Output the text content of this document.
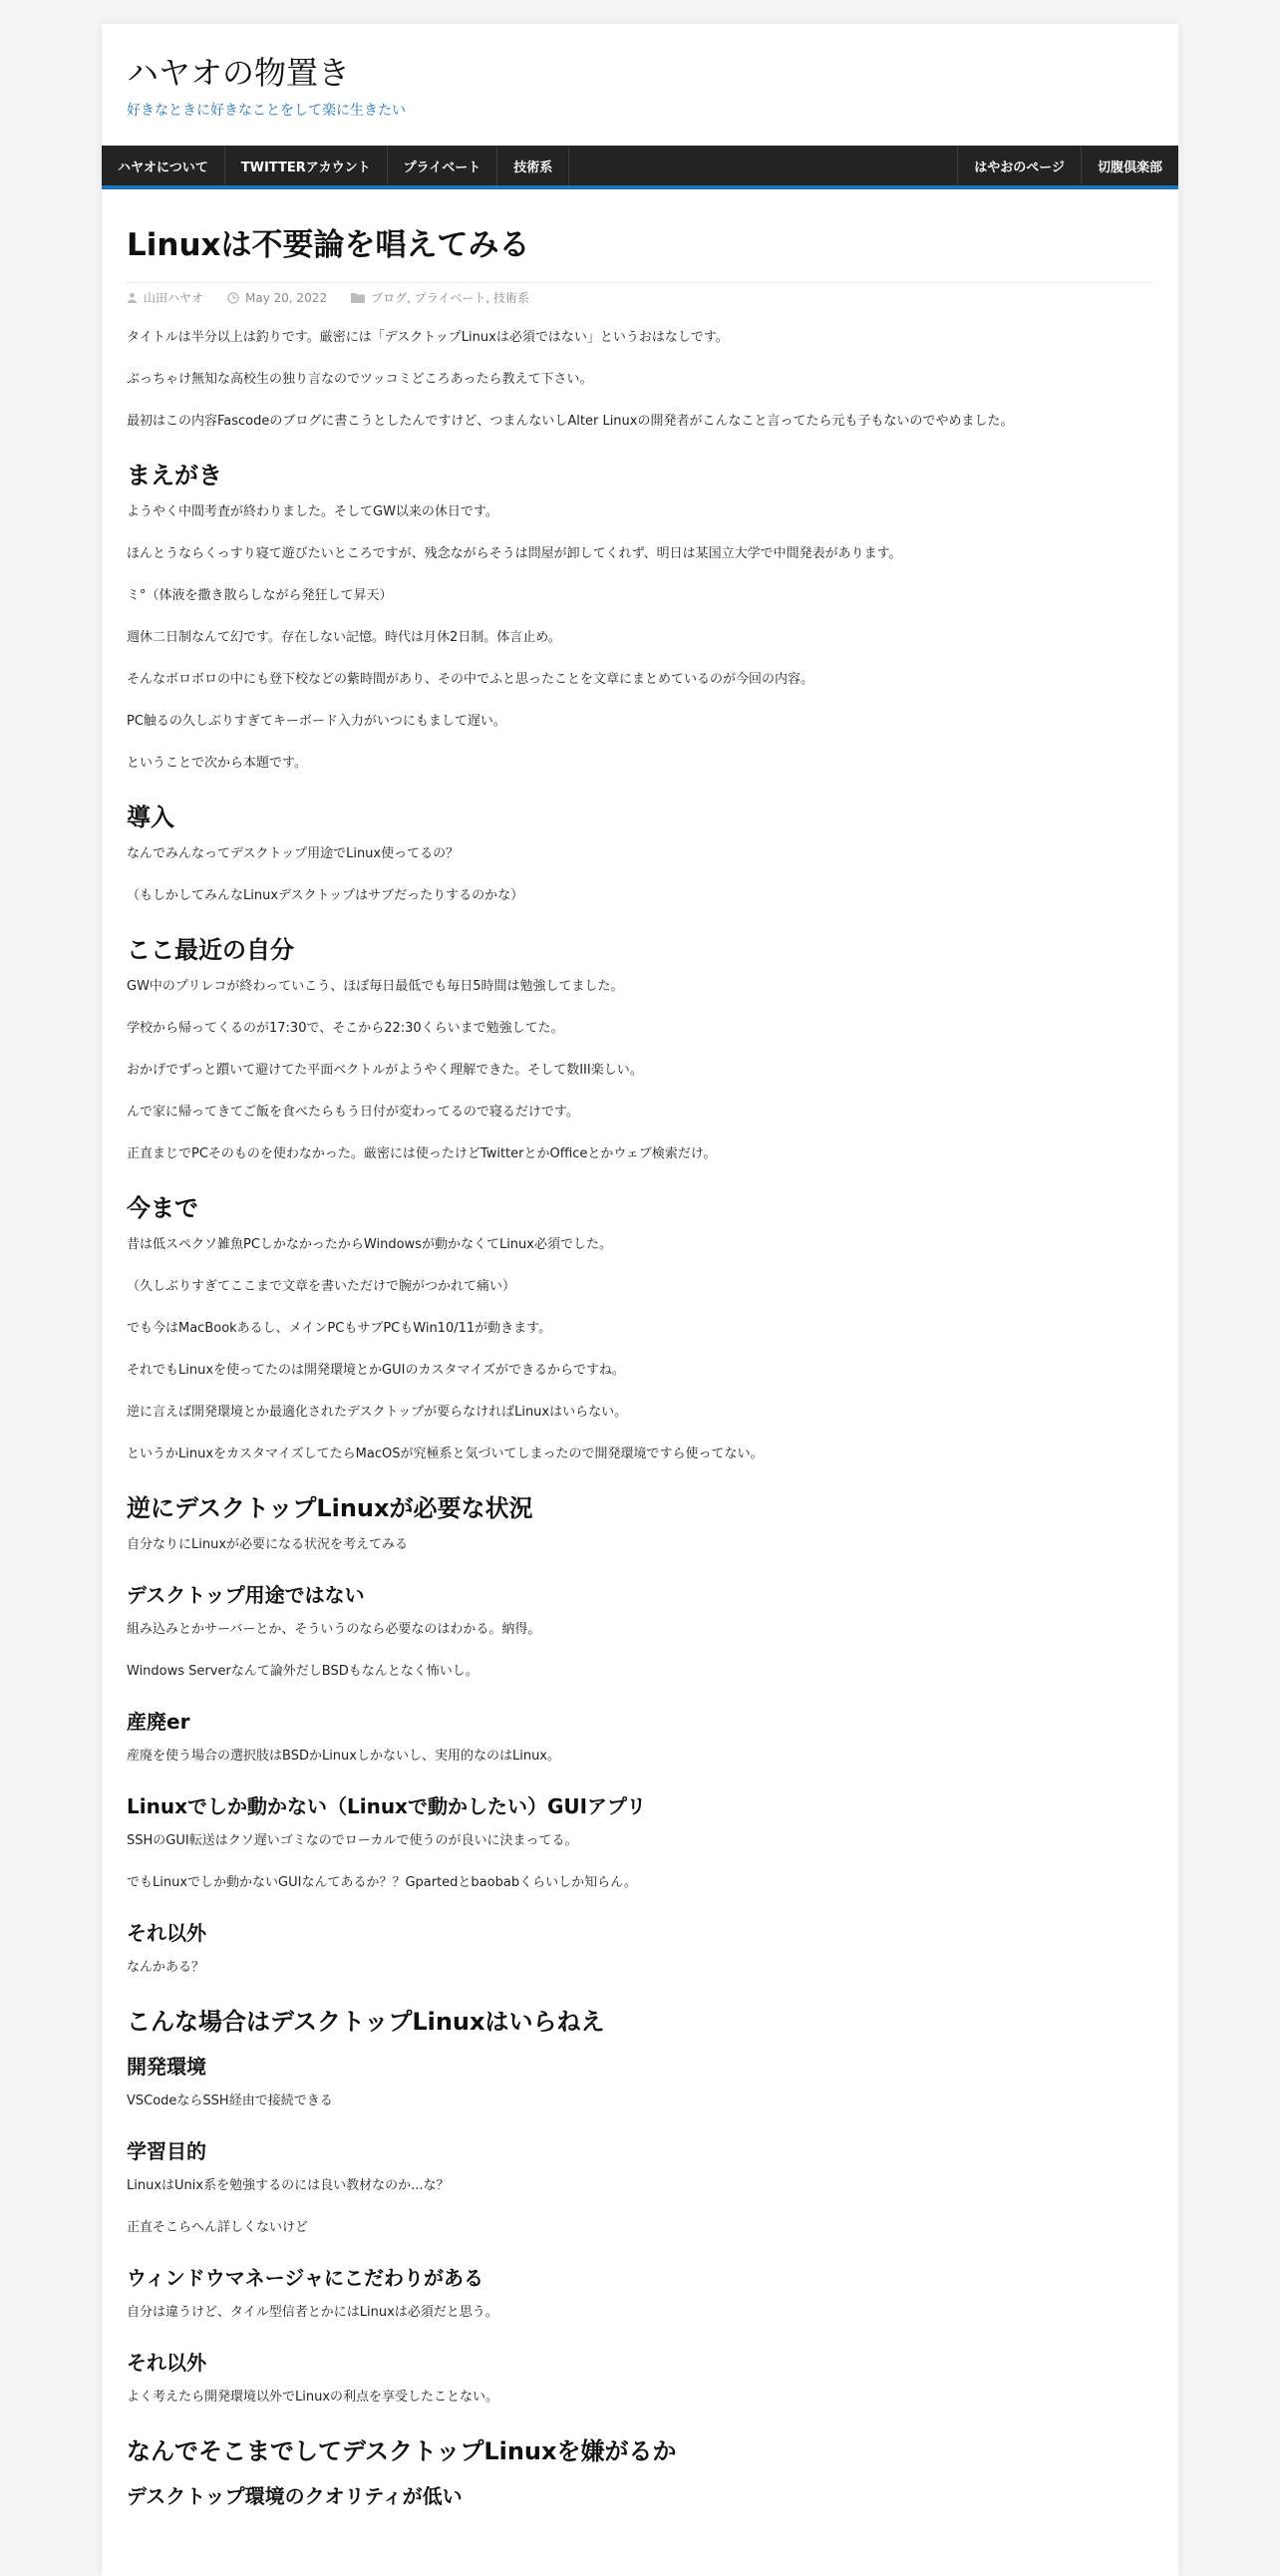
ハヤオの物置き

好きなときに好きなことをして楽に生きたい

ハヤオについて	TWITTERアカウント	プライベート	技術系	はやおのページ	切腹倶楽部
Linuxは不要論を唱えてみる
山田ハヤオ	May 20, 2022	ブログ, プライベート, 技術系

タイトルは半分以上は釣りです。厳密には「デスクトップLinuxは必須ではない」というおはなしです。

ぶっちゃけ無知な高校生の独り言なのでツッコミどころあったら教えて下さい。

最初はこの内容Fascodeのブログに書こうとしたんですけど、つまんないしAlter Linuxの開発者がこんなこと言ってたら元も子もないのでやめました。

まえがき

ようやく中間考査が終わりました。そしてGW以来の休日です。

ほんとうならくっすり寝て遊びたいところですが、残念ながらそうは問屋が卸してくれず、明日は某国立大学で中間発表があります。

ミ°（体液を撒き散らしながら発狂して昇天）

週休二日制なんて幻です。存在しない記憶。時代は月休2日制。体言止め。

そんなボロボロの中にも登下校などの紫時間があり、その中でふと思ったことを文章にまとめているのが今回の内容。

PC触るの久しぶりすぎてキーボード入力がいつにもまして遅い。

ということで次から本題です。

導入

なんでみんなってデスクトップ用途でLinux使ってるの？

（もしかしてみんなLinuxデスクトップはサブだったりするのかな）

ここ最近の自分

GW中のプリレコが終わっていこう、ほぼ毎日最低でも毎日5時間は勉強してました。

学校から帰ってくるのが17:30で、そこから22:30くらいまで勉強してた。

おかげでずっと躓いて避けてた平面ベクトルがようやく理解できた。そして数III楽しい。

んで家に帰ってきてご飯を食べたらもう日付が変わってるので寝るだけです。

正直まじでPCそのものを使わなかった。厳密には使ったけどTwitterとかOfficeとかウェブ検索だけ。

今まで

昔は低スペクソ雑魚PCしかなかったからWindowsが動かなくてLinux必須でした。

（久しぶりすぎてここまで文章を書いただけで腕がつかれて痛い）

でも今はMacBookあるし、メインPCもサブPCもWin10/11が動きます。

それでもLinuxを使ってたのは開発環境とかGUIのカスタマイズができるからですね。

逆に言えば開発環境とか最適化されたデスクトップが要らなければLinuxはいらない。

というかLinuxをカスタマイズしてたらMacOSが究極系と気づいてしまったので開発環境ですら使ってない。

逆にデスクトップLinuxが必要な状況

自分なりにLinuxが必要になる状況を考えてみる

デスクトップ用途ではない

組み込みとかサーバーとか、そういうのなら必要なのはわかる。納得。

Windows Serverなんて論外だしBSDもなんとなく怖いし。

産廃er

産廃を使う場合の選択肢はBSDかLinuxしかないし、実用的なのはLinux。

Linuxでしか動かない（Linuxで動かしたい）GUIアプリ

SSHのGUI転送はクソ遅いゴミなのでローカルで使うのが良いに決まってる。

でもLinuxでしか動かないGUIなんてあるか？？Gpartedとbaobabくらいしか知らん。

それ以外

なんかある？

こんな場合はデスクトップLinuxはいらねえ
開発環境

VSCodeならSSH経由で接続できる

学習目的

LinuxはUnix系を勉強するのには良い教材なのか...な？

正直そこらへん詳しくないけど

ウィンドウマネージャにこだわりがある

自分は違うけど、タイル型信者とかにはLinuxは必須だと思う。

それ以外

よく考えたら開発環境以外でLinuxの利点を享受したことない。

なんでそこまでしてデスクトップLinuxを嫌がるか
デスクトップ環境のクオリティが低い
